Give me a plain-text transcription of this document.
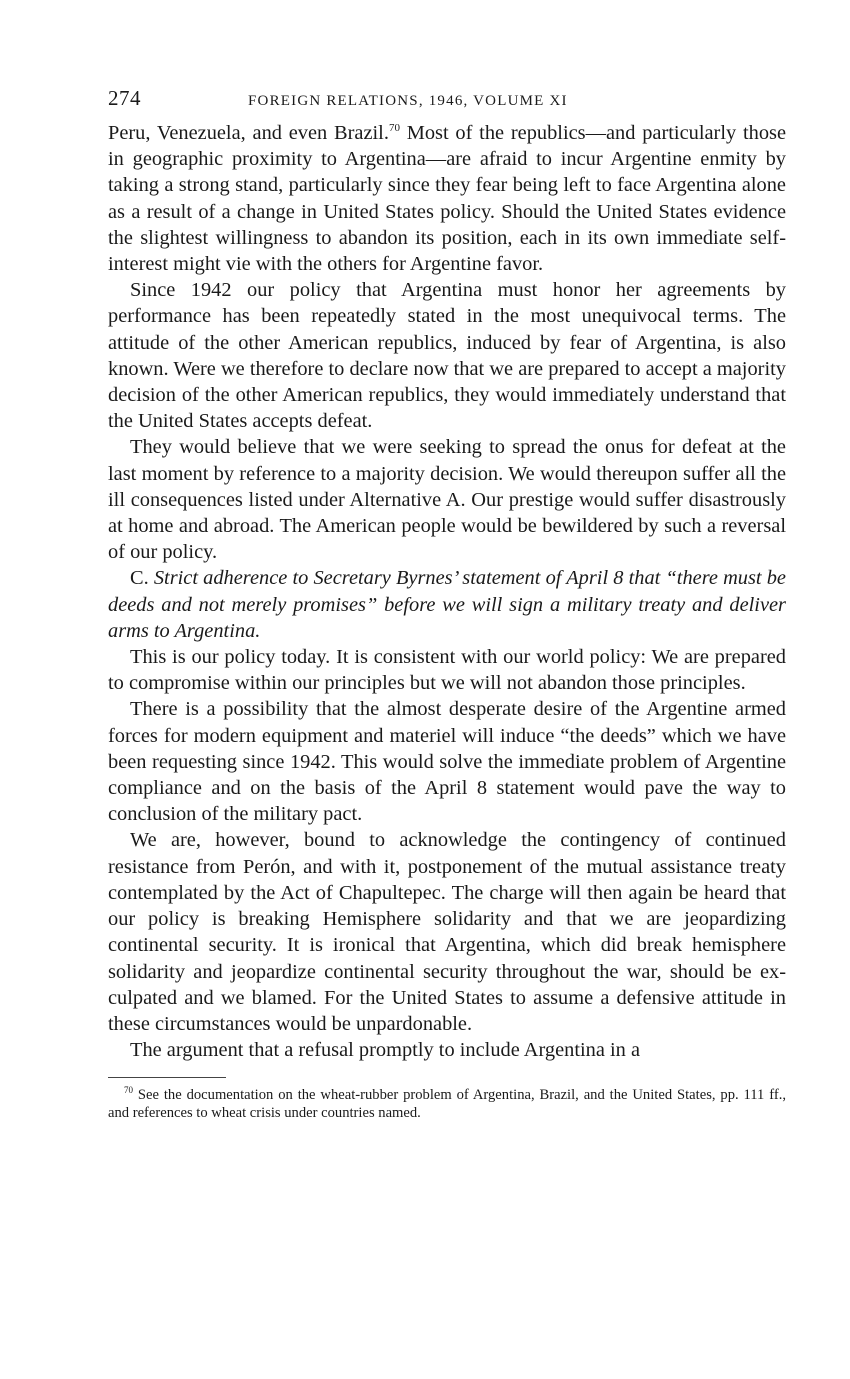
274	FOREIGN RELATIONS, 1946, VOLUME XI

Peru, Venezuela, and even Brazil.$^{70}$ Most of the republics—and particularly those in geographic proximity to Argentina—are afraid to incur Argentine enmity by taking a strong stand, particularly since they fear being left to face Argentina alone as a result of a change in United States policy. Should the United States evidence the slightest willingness to abandon its position, each in its own immediate self-interest might vie with the others for Argentine favor.

Since 1942 our policy that Argentina must honor her agreements by performance has been repeatedly stated in the most unequivocal terms. The attitude of the other American republics, induced by fear of Argentina, is also known. Were we therefore to declare now that we are prepared to accept a majority decision of the other American republics, they would immediately understand that the United States accepts defeat.

They would believe that we were seeking to spread the onus for defeat at the last moment by reference to a majority decision. We would thereupon suffer all the ill consequences listed under Alternative A. Our prestige would suffer disastrously at home and abroad. The American people would be bewildered by such a reversal of our policy.

C. Strict adherence to Secretary Byrnes’ statement of April 8 that “there must be deeds and not merely promises” before we will sign a military treaty and deliver arms to Argentina.

This is our policy today. It is consistent with our world policy: We are prepared to compromise within our principles but we will not abandon those principles.

There is a possibility that the almost desperate desire of the Argentine armed forces for modern equipment and materiel will induce “the deeds” which we have been requesting since 1942. This would solve the immediate problem of Argentine compliance and on the basis of the April 8 statement would pave the way to conclusion of the military pact.

We are, however, bound to acknowledge the contingency of continued resistance from Perón, and with it, postponement of the mutual assistance treaty contemplated by the Act of Chapultepec. The charge will then again be heard that our policy is breaking Hemisphere solidarity and that we are jeopardizing continental security. It is ironical that Argentina, which did break hemisphere solidarity and jeopardize continental security throughout the war, should be exculpated and we blamed. For the United States to assume a defensive attitude in these circumstances would be unpardonable.

The argument that a refusal promptly to include Argentina in a

$^{70}$ See the documentation on the wheat-rubber problem of Argentina, Brazil, and the United States, pp. 111 ff., and references to wheat crisis under countries named.
